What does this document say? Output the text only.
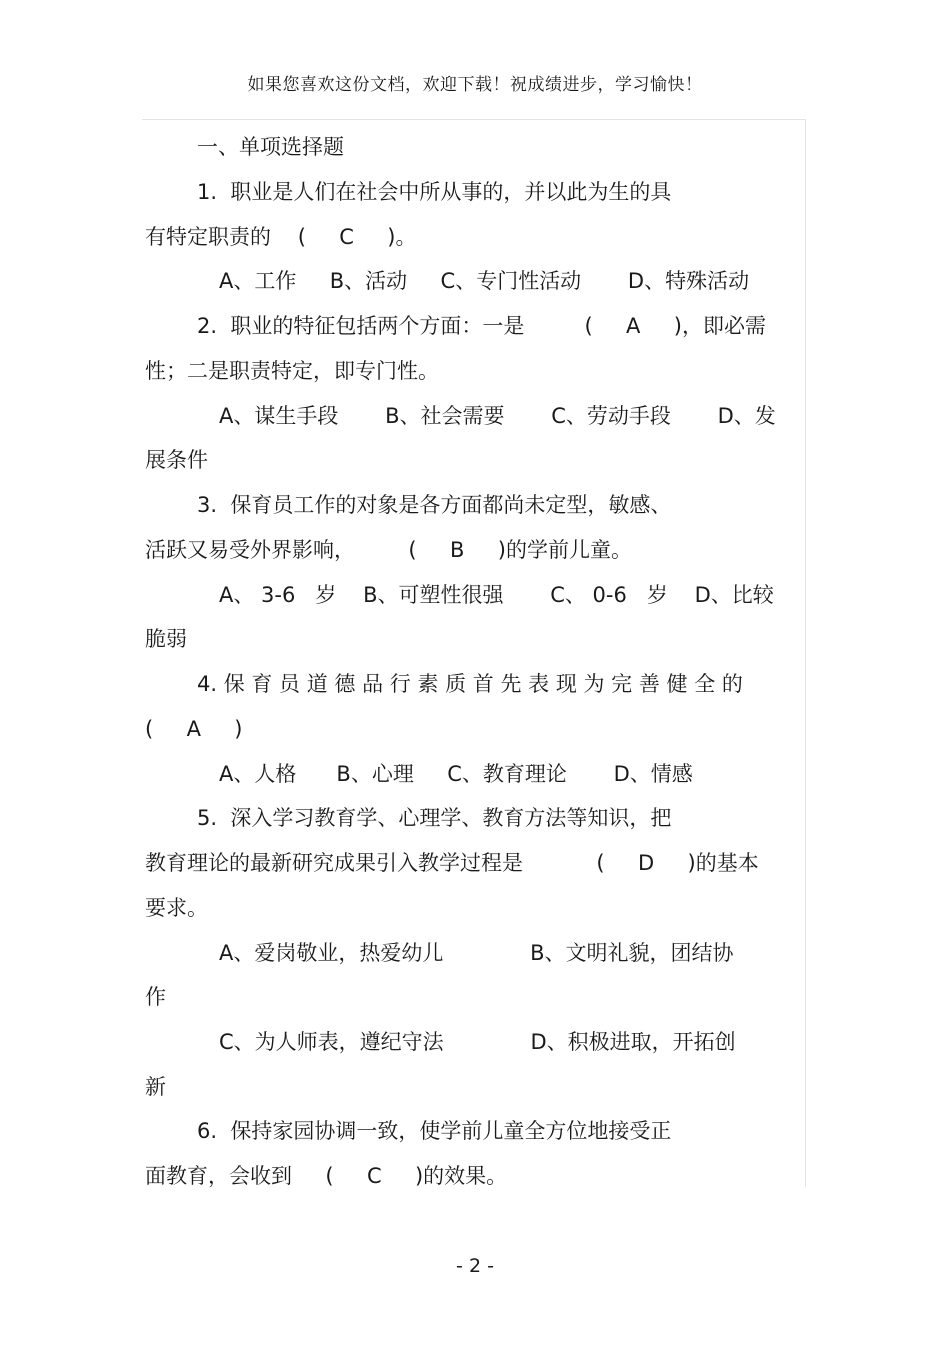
如果您喜欢这份文档，欢迎下载！祝成绩进步，学习愉快！
一、单项选择题
1.  职业是人们在社会中所从事的，并以此为生的具
有特定职责的    (     C     )。
A、工作     B、活动     C、专门性活动       D、特殊活动
2.  职业的特征包括两个方面：一是         (     A     )，即必需
性；二是职责特定，即专门性。
A、谋生手段       B、社会需要       C、劳动手段       D、发
展条件
3.  保育员工作的对象是各方面都尚未定型，敏感、
活跃又易受外界影响，        (     B     )的学前儿童。
A、 3-6   岁    B、可塑性很强       C、 0-6   岁    D、比较
脆弱
4. 保 育 员 道 德 品 行 素 质 首 先 表 现 为 完 善 健 全 的
(     A     )
A、人格      B、心理     C、教育理论       D、情感
5.  深入学习教育学、心理学、教育方法等知识，把
教育理论的最新研究成果引入教学过程是           (     D     )的基本
要求。
A、爱岗敬业，热爱幼儿             B、文明礼貌，团结协
作
C、为人师表，遵纪守法             D、积极进取，开拓创
新
6.  保持家园协调一致，使学前儿童全方位地接受正
面教育，会收到     (     C     )的效果。
- 2 -
